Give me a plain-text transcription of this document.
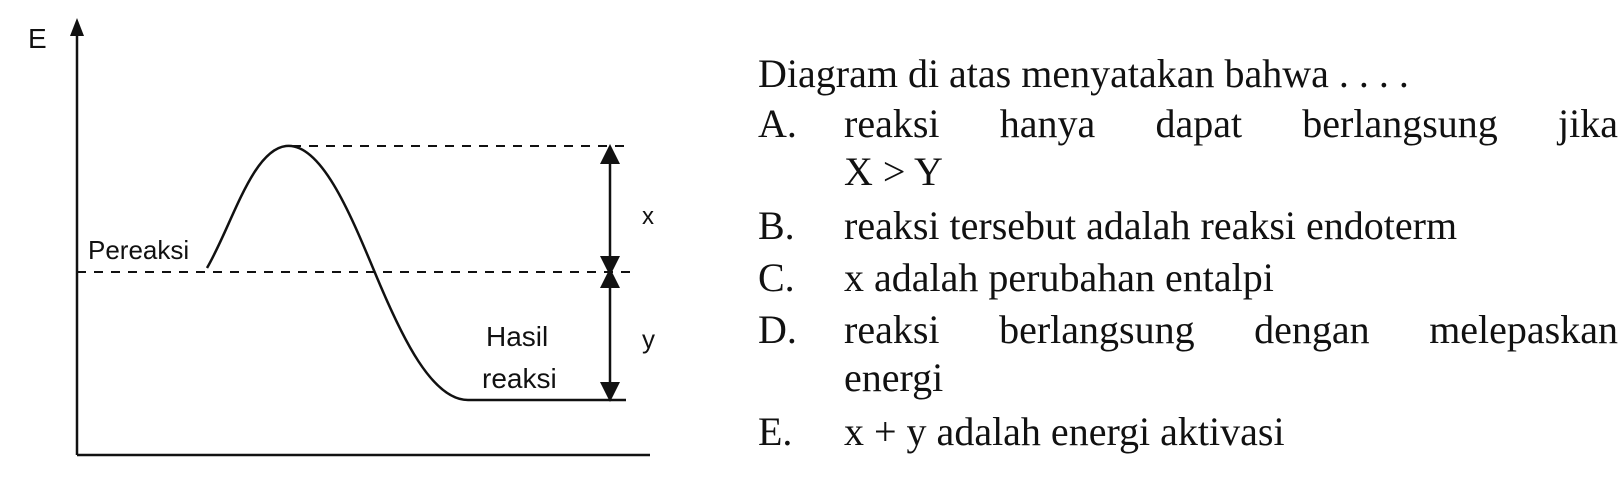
E
Pereaksi
Hasil
reaksi
x
y
Diagram di atas menyatakan bahwa . . . .
A.	reaksi hanya dapat berlangsung jika
X > Y
B.	reaksi tersebut adalah reaksi endoterm
C.	x adalah perubahan entalpi
D.	reaksi berlangsung dengan melepaskan
energi
E.	x + y adalah energi aktivasi
